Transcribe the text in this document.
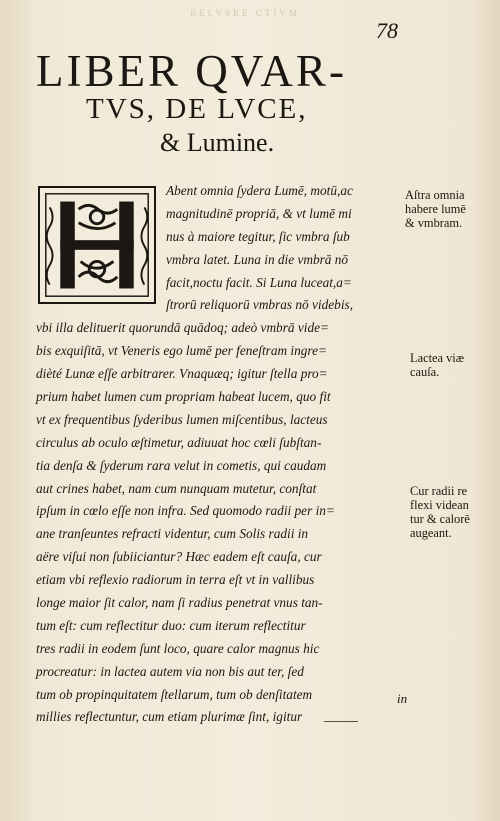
BELVSRE CTIVM
78
LIBER QVAR-
TVS, DE LVCE,
& Lumine.
Abent omnia ſydera Lumē, motū,ac
magnitudinē propriā, & vt lumē mi
nus à maiore tegitur, ſic vmbra ſub
vmbra latet. Luna in die vmbrā nō
facit,noctu facit. Si Luna luceat,a=
ſtrorū reliquorū vmbras nō videbis,
vbi illa delituerit quorundā quādoq; adeò vmbrā vide=
bis exquiſitā, vt Veneris ego lumē per feneſtram ingre=
dièté Lunæ eſſe arbitrarer. Vnaquæq; igitur ſtella pro=
prium habet lumen cum propriam habeat lucem, quo fit
vt ex frequentibus ſyderibus lumen miſcentibus, lacteus
circulus ab oculo æſtimetur, adiuuat hoc cœli ſubſtan-
tia denſa & ſyderum rara velut in cometis, qui caudam
aut crines habet, nam cum nunquam mutetur, conſtat
ipſum in cœlo eſſe non infra. Sed quomodo radii per in=
ane tranſeuntes refracti videntur, cum Solis radii in
aëre viſui non ſubiiciantur? Hæc eadem eſt cauſa, cur
etiam vbi reflexio radiorum in terra eſt vt in vallibus
longe maior ſit calor, nam ſi radius penetrat vnus tan-
tum eſt: cum reflectitur duo: cum iterum reflectitur
tres radii in eodem ſunt loco, quare calor magnus hic
procreatur: in lactea autem via non bis aut ter, ſed
tum ob propinquitatem ſtellarum, tum ob denſitatem
millies reflectuntur, cum etiam plurimæ ſint, igitur
Aſtra omnia
habere lumē
& vmbram.
Lactea viæ
cauſa.
Cur radii re
flexi videan
tur & calorē
augeant.
in
